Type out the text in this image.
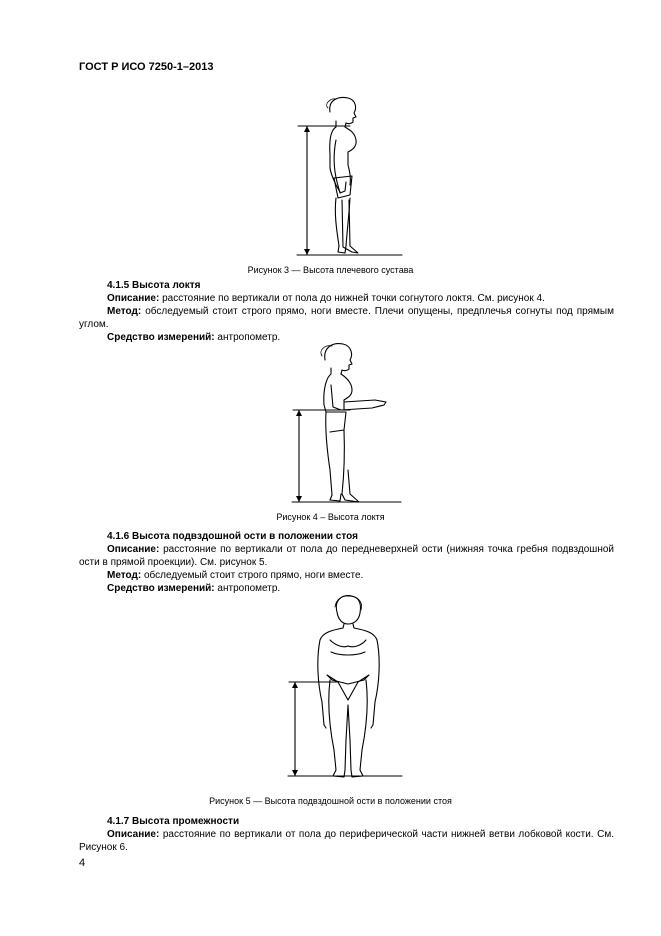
ГОСТ Р ИСО 7250-1–2013
Рисунок 3 — Высота плечевого сустава
4.1.5 Высота локтя
Описание: расстояние по вертикали от пола до нижней точки согнутого локтя. См. рисунок 4.
Метод: обследуемый стоит строго прямо, ноги вместе. Плечи опущены, предплечья согнуты под прямым углом.
Средство измерений: антропометр.
Рисунок 4 – Высота локтя
4.1.6 Высота подвздошной ости в положении стоя
Описание: расстояние по вертикали от пола до передневерхней ости (нижняя точка гребня подвздошной ости в прямой проекции). См. рисунок 5.
Метод: обследуемый стоит строго прямо, ноги вместе.
Средство измерений: антропометр.
Рисунок 5 — Высота подвздошной ости в положении стоя
4.1.7 Высота промежности
Описание: расстояние по вертикали от пола до периферической части нижней ветви лобковой кости. См. Рисунок 6.
4
